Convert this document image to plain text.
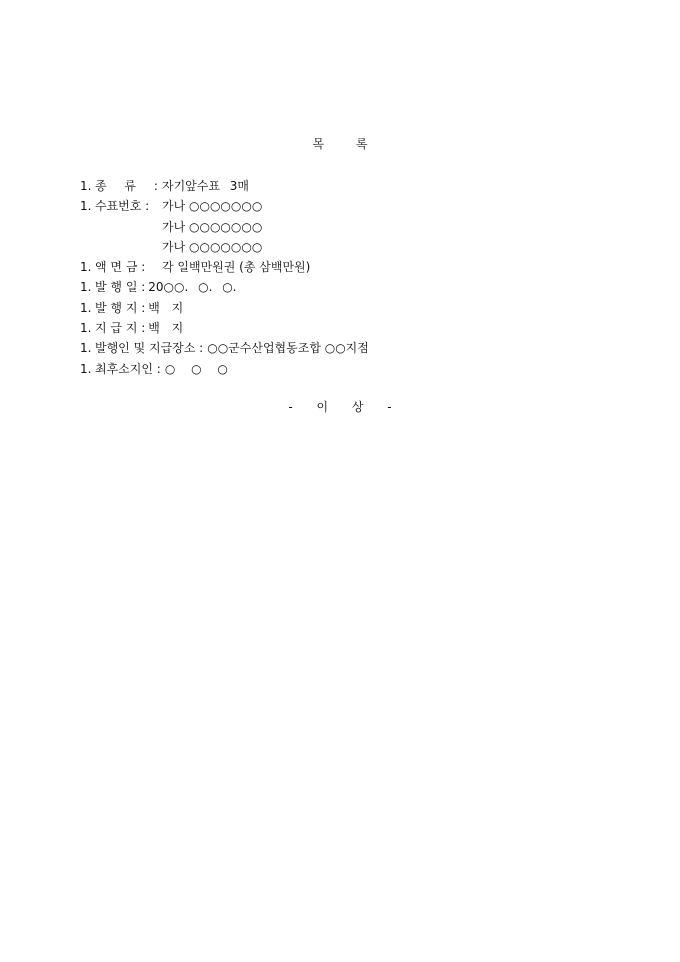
목 록
1. 종 류 : 자기앞수표 3매
1. 수표번호 :	가나 ○○○○○○○
가나 ○○○○○○○
가나 ○○○○○○○
1. 액 면 금 :	각 일백만원권 (총 삼백만원)
1. 발 행 일 : 20○○. ○. ○.
1. 발 행 지 : 백 지
1. 지 급 지 : 백 지
1. 발행인 및 지급장소 : ○○군수산업협동조합 ○○지점
1. 최후소지인 : ○ ○ ○
- 이 상 -
